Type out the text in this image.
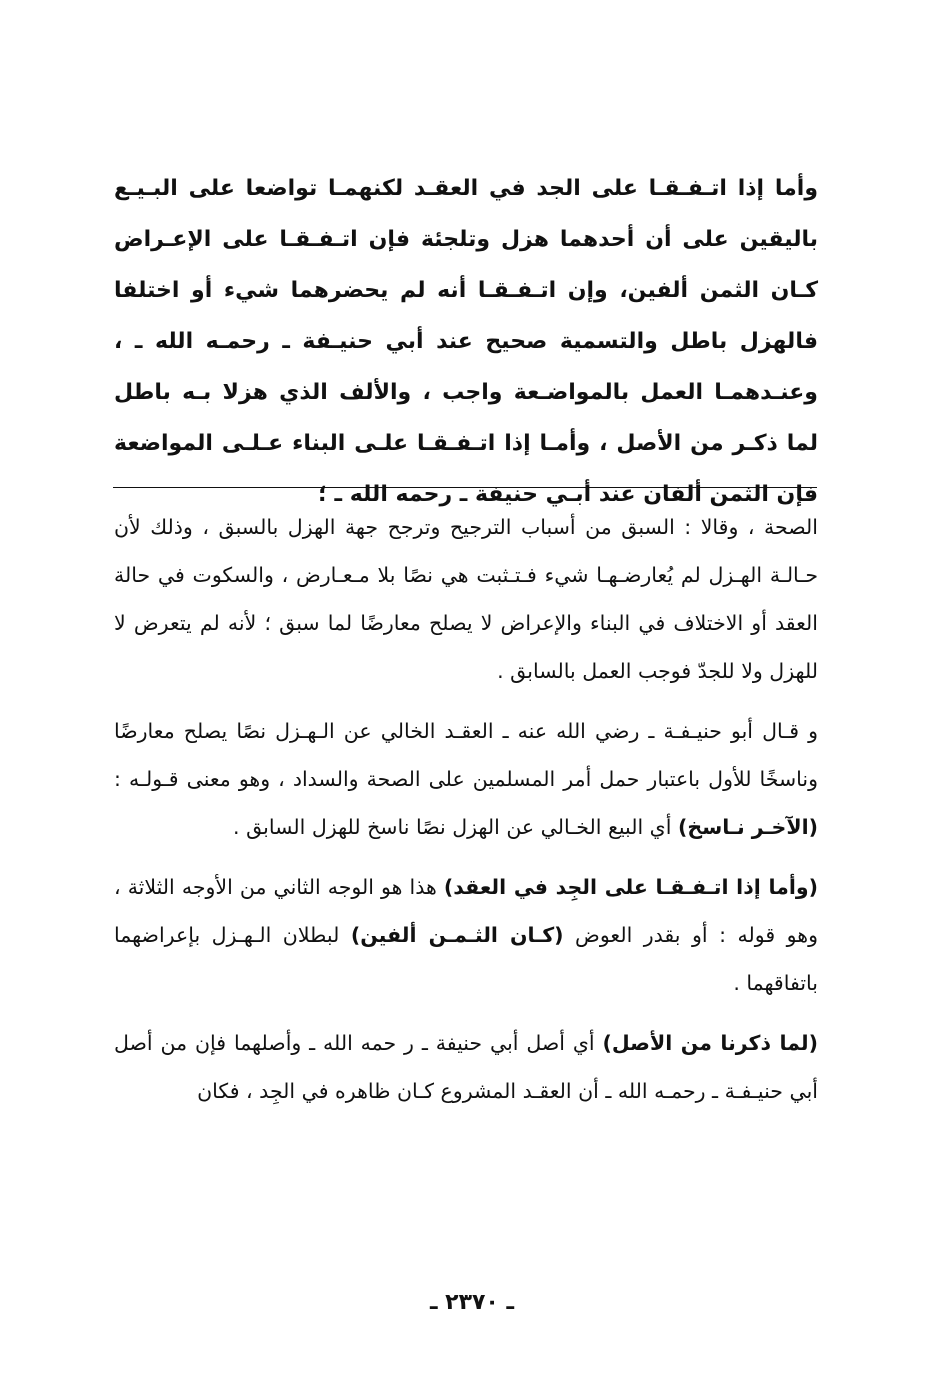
وأما إذا اتـفـقـا على الجد في العقـد لكنهمـا تواضعا على البـيـع باليقين على أن أحدهما هزل وتلجئة فإن اتـفـقـا على الإعـراض كـان الثمن ألفين، وإن اتـفـقـا أنه لم يحضرهما شيء أو اختلفا فالهزل باطل والتسمية صحيح عند أبي حنيـفة ـ رحمـه الله ـ ، وعنـدهمـا العمل بالمواضـعة واجب ، والألف الذي هزلا بـه باطل لما ذكـر من الأصل ، وأمـا إذا اتـفـقـا علـى البناء عـلـى المواضعة فإن الثمن ألفان عند أبـي حنيفة ـ رحمه الله ـ ؛

الصحة ، وقالا : السبق من أسباب الترجيح وترجح جهة الهزل بالسبق ، وذلك لأن حـالـة الهـزل لم يُعارضـهـا شيء فـتـثبت هي نصًا بلا مـعـارض ، والسكوت في حالة العقد أو الاختلاف في البناء والإعراض لا يصلح معارضًا لما سبق ؛ لأنه لم يتعرض لا للهزل ولا للجدّ فوجب العمل بالسابق .

و قـال أبو حنيـفـة ـ رضي الله عنه ـ العقـد الخالي عن الـهـزل نصًا يصلح معارضًا وناسخًا للأول باعتبار حمل أمر المسلمين على الصحة والسداد ، وهو معنى قـولـه : (الآخـر نـاسخ) أي البيع الخـالي عن الهزل نصًا ناسخ للهزل السابق .

(وأما إذا اتـفـقـا على الجِد في العقد) هذا هو الوجه الثاني من الأوجه الثلاثة ، وهو قوله : أو بقدر العوض (كـان الثـمـن ألفين) لبطلان الـهـزل بإعراضهما باتفاقهما .

(لما ذكرنا من الأصل) أي أصل أبي حنيفة ـ ر حمه الله ـ وأصلهما فإن من أصل أبي حنيـفـة ـ رحمـه الله ـ أن العقـد المشروع كـان ظاهره في الجِد ، فكان

ـ ٢٣٧٠ ـ
